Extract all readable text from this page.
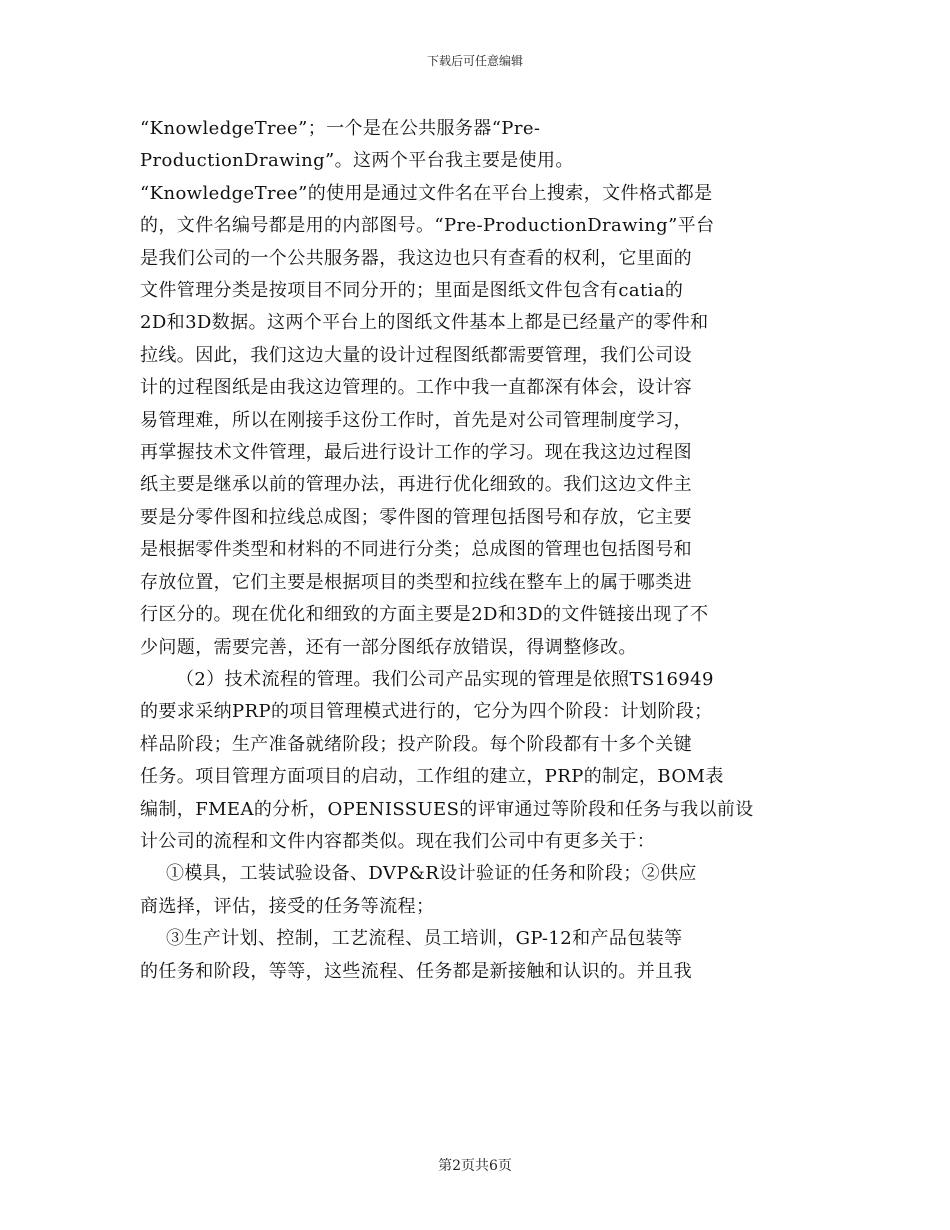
下载后可任意编辑
“KnowledgeTree”；一个是在公共服务器“Pre-
ProductionDrawing”。这两个平台我主要是使用。
“KnowledgeTree”的使用是通过文件名在平台上搜索，文件格式都是
的，文件名编号都是用的内部图号。“Pre-ProductionDrawing”平台
是我们公司的一个公共服务器，我这边也只有查看的权利，它里面的
文件管理分类是按项目不同分开的；里面是图纸文件包含有catia的
2D和3D数据。这两个平台上的图纸文件基本上都是已经量产的零件和
拉线。因此，我们这边大量的设计过程图纸都需要管理，我们公司设
计的过程图纸是由我这边管理的。工作中我一直都深有体会，设计容
易管理难，所以在刚接手这份工作时，首先是对公司管理制度学习，
再掌握技术文件管理，最后进行设计工作的学习。现在我这边过程图
纸主要是继承以前的管理办法，再进行优化细致的。我们这边文件主
要是分零件图和拉线总成图；零件图的管理包括图号和存放，它主要
是根据零件类型和材料的不同进行分类；总成图的管理也包括图号和
存放位置，它们主要是根据项目的类型和拉线在整车上的属于哪类进
行区分的。现在优化和细致的方面主要是2D和3D的文件链接出现了不
少问题，需要完善，还有一部分图纸存放错误，得调整修改。
（2）技术流程的管理。我们公司产品实现的管理是依照TS16949
的要求采纳PRP的项目管理模式进行的，它分为四个阶段：计划阶段；
样品阶段；生产准备就绪阶段；投产阶段。每个阶段都有十多个关键
任务。项目管理方面项目的启动，工作组的建立，PRP的制定，BOM表
编制，FMEA的分析，OPENISSUES的评审通过等阶段和任务与我以前设
计公司的流程和文件内容都类似。现在我们公司中有更多关于：
①模具，工装试验设备、DVP&R设计验证的任务和阶段；②供应
商选择，评估，接受的任务等流程；
③生产计划、控制，工艺流程、员工培训，GP-12和产品包装等
的任务和阶段，等等，这些流程、任务都是新接触和认识的。并且我
第2页共6页
